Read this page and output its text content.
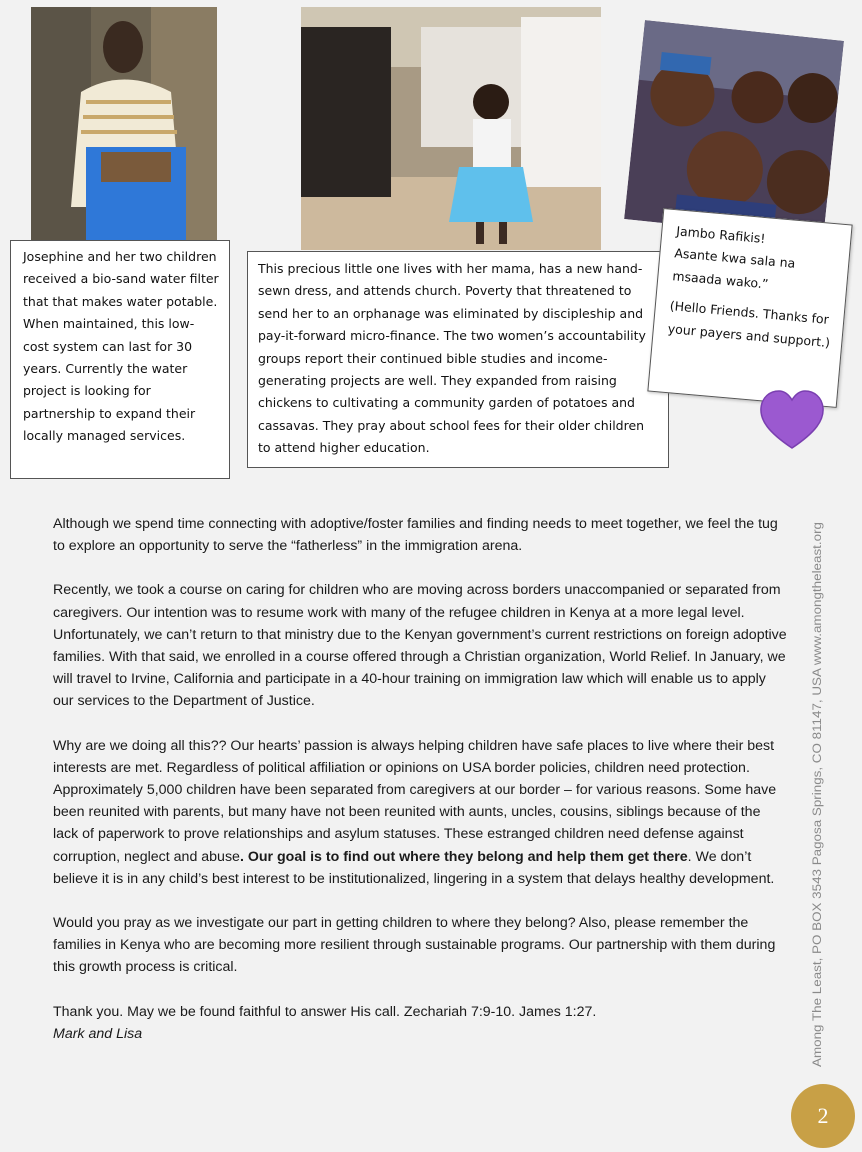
Josephine and her two children received a bio-sand water filter that that makes water potable. When maintained, this low-cost system can last for 30 years. Currently the water project is looking for partnership to expand their locally managed services.
This precious little one lives with her mama, has a new hand-sewn dress, and attends church. Poverty that threatened to send her to an orphanage was eliminated by discipleship and pay-it-forward micro-finance. The two women’s accountability groups report their continued bible studies and income-generating projects are well. They expanded from raising chickens to cultivating a community garden of potatoes and cassavas. They pray about school fees for their older children to attend higher education.

Jambo Rafikis!

Asante kwa sala na msaada wako.”

(Hello Friends. Thanks for your payers and support.)

Although we spend time connecting with adoptive/foster families and finding needs to meet together, we feel the tug to explore an opportunity to serve the “fatherless” in the immigration arena.

Recently, we took a course on caring for children who are moving across borders unaccompanied or separated from caregivers. Our intention was to resume work with many of the refugee children in Kenya at a more legal level. Unfortunately, we can’t return to that ministry due to the Kenyan government’s current restrictions on foreign adoptive families. With that said, we enrolled in a course offered through a Christian organization, World Relief. In January, we will travel to Irvine, California and participate in a 40-hour training on immigration law which will enable us to apply our services to the Department of Justice.

Why are we doing all this?? Our hearts’ passion is always helping children have safe places to live where their best interests are met. Regardless of political affiliation or opinions on USA border policies, children need protection. Approximately 5,000 children have been separated from caregivers at our border – for various reasons. Some have been reunited with parents, but many have not been reunited with aunts, uncles, cousins, siblings because of the lack of paperwork to prove relationships and asylum statuses. These estranged children need defense against corruption, neglect and abuse. Our goal is to find out where they belong and help them get there. We don’t believe it is in any child’s best interest to be institutionalized, lingering in a system that delays healthy development.

Would you pray as we investigate our part in getting children to where they belong? Also, please remember the families in Kenya who are becoming more resilient through sustainable programs. Our partnership with them during this growth process is critical.

Thank you. May we be found faithful to answer His call. Zechariah 7:9-10. James 1:27.
Mark and Lisa	Among The Least, PO BOX 3543 Pagosa Springs, CO 81147, USA www.amongtheleast.org
2
